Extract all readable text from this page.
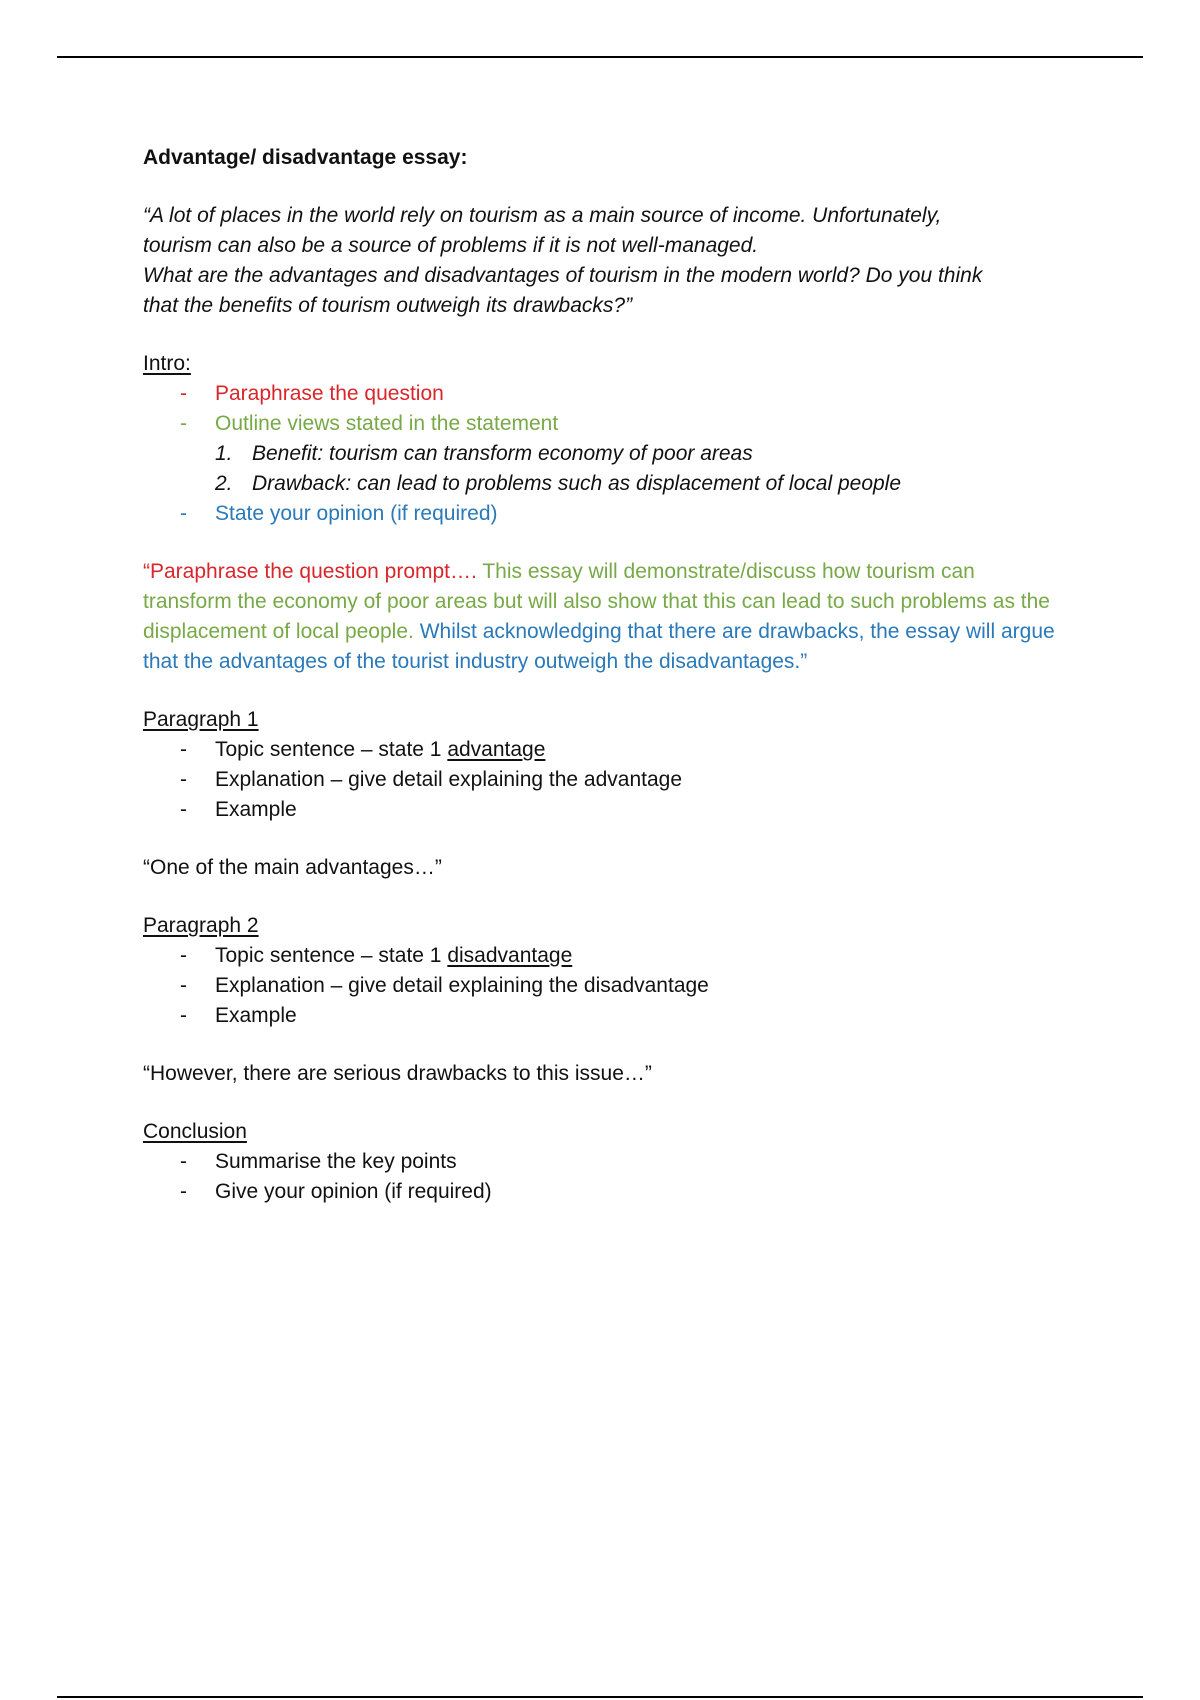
Advantage/ disadvantage essay:
“A lot of places in the world rely on tourism as a main source of income. Unfortunately,
tourism can also be a source of problems if it is not well-managed.
What are the advantages and disadvantages of tourism in the modern world? Do you think
that the benefits of tourism outweigh its drawbacks?”
Intro:
- Paraphrase the question
- Outline views stated in the statement
1. Benefit: tourism can transform economy of poor areas
2. Drawback: can lead to problems such as displacement of local people
- State your opinion (if required)

“Paraphrase the question prompt…. This essay will demonstrate/discuss how tourism can transform the economy of poor areas but will also show that this can lead to such problems as the displacement of local people. Whilst acknowledging that there are drawbacks, the essay will argue that the advantages of the tourist industry outweigh the disadvantages.”

Paragraph 1
- Topic sentence – state 1 advantage
- Explanation – give detail explaining the advantage
- Example
“One of the main advantages…”
Paragraph 2
- Topic sentence – state 1 disadvantage
- Explanation – give detail explaining the disadvantage
- Example
“However, there are serious drawbacks to this issue…”
Conclusion
- Summarise the key points
- Give your opinion (if required)
